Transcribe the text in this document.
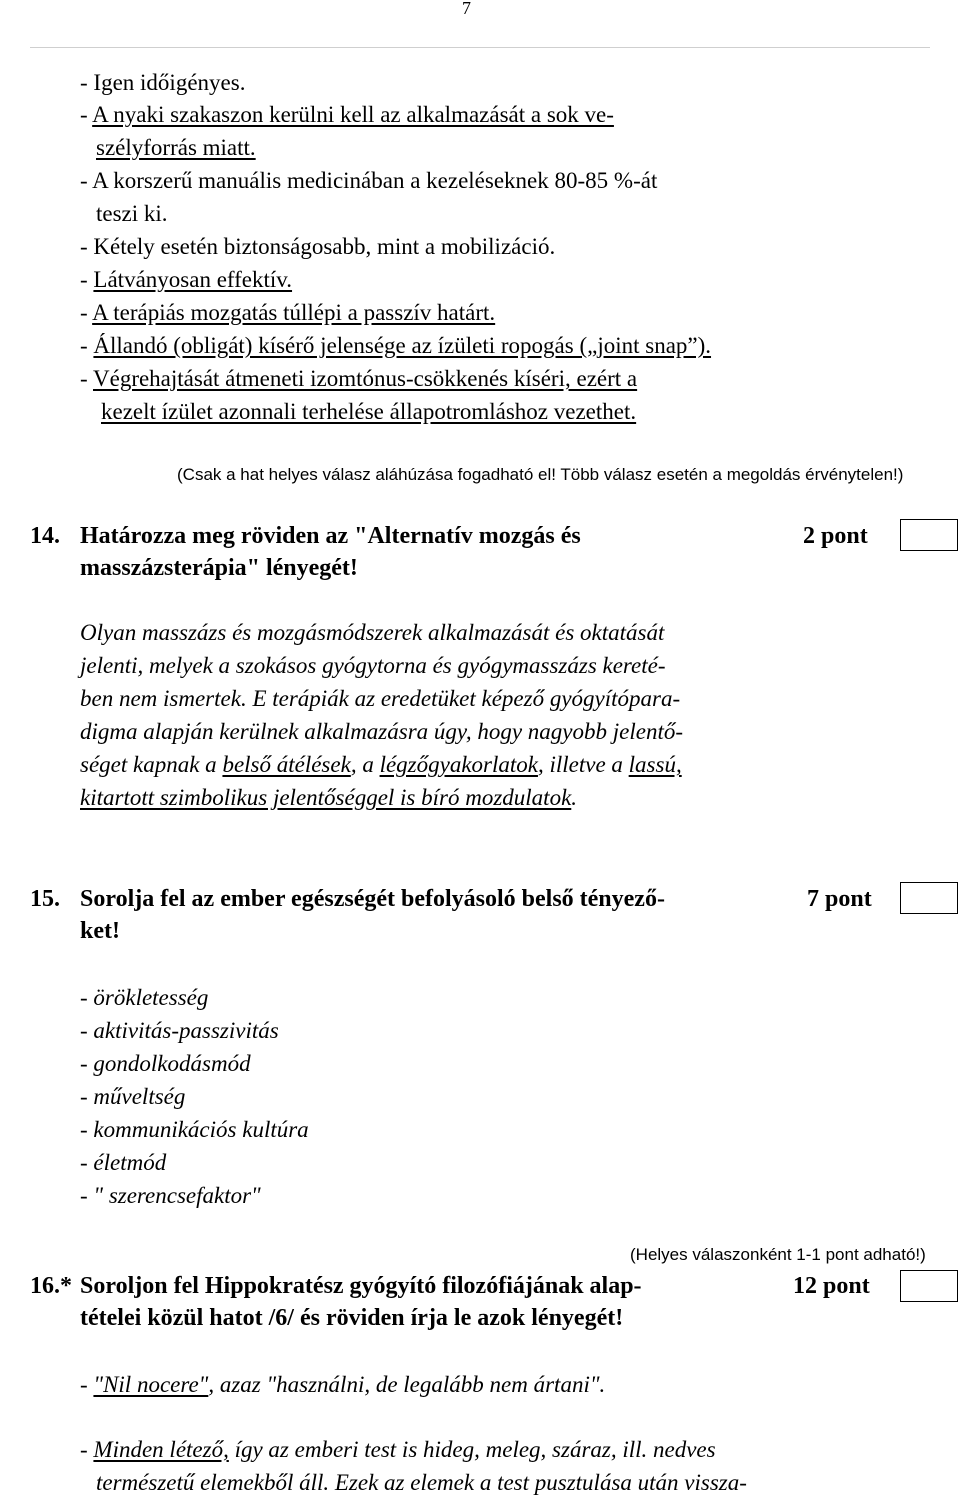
7
- Igen időigényes.
- A nyaki szakaszon kerülni kell az alkalmazását a sok ve-
szélyforrás miatt.
- A korszerű manuális medicinában a kezeléseknek 80-85 %-át
teszi ki.
- Kétely esetén biztonságosabb, mint a mobilizáció.
- Látványosan effektív.
- A terápiás mozgatás túllépi a passzív határt.
- Állandó (obligát) kísérő jelensége az ízületi ropogás („joint snap”).
- Végrehajtását átmeneti izomtónus-csökkenés kíséri, ezért a
kezelt ízület azonnali terhelése állapotromláshoz vezethet.
(Csak a hat helyes válasz aláhúzása fogadható el! Több válasz esetén a megoldás érvénytelen!)
14. Határozza meg röviden az "Alternatív mozgás és
masszázsterápia" lényegét!
2 pont
Olyan masszázs és mozgásmódszerek alkalmazását és oktatását
jelenti, melyek a szokásos gyógytorna és gyógymasszázs kereté-
ben nem ismertek. E terápiák az eredetüket képező gyógyítópara-
digma alapján kerülnek alkalmazásra úgy, hogy nagyobb jelentő-
séget kapnak a belső átélések, a légzőgyakorlatok, illetve a lassú,
kitartott szimbolikus jelentőséggel is bíró mozdulatok.
15. Sorolja fel az ember egészségét befolyásoló belső tényező-
ket!
7 pont
- örökletesség
- aktivitás-passzivitás
- gondolkodásmód
- műveltség
- kommunikációs kultúra
- életmód
- " szerencsefaktor"
(Helyes válaszonként 1-1 pont adható!)
16.* Soroljon fel Hippokratész gyógyító filozófiájának alap-
tételei közül hatot /6/ és röviden írja le azok lényegét!
12 pont
- "Nil nocere", azaz "használni, de legalább nem ártani".
- Minden létező, így az emberi test is hideg, meleg, száraz, ill. nedves
természetű elemekből áll. Ezek az elemek a test pusztulása után vissza-
